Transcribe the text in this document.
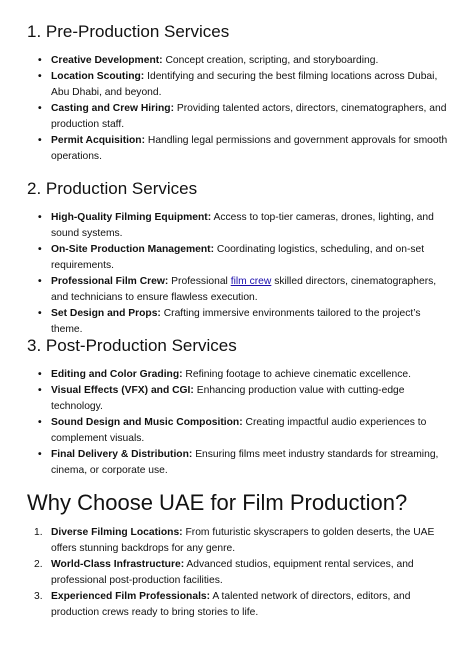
1. Pre-Production Services
• Creative Development: Concept creation, scripting, and storyboarding.
• Location Scouting: Identifying and securing the best filming locations across Dubai, Abu Dhabi, and beyond.
• Casting and Crew Hiring: Providing talented actors, directors, cinematographers, and production staff.
• Permit Acquisition: Handling legal permissions and government approvals for smooth operations.
2. Production Services
• High-Quality Filming Equipment: Access to top-tier cameras, drones, lighting, and sound systems.
• On-Site Production Management: Coordinating logistics, scheduling, and on-set requirements.
• Professional Film Crew: Professional film crew skilled directors, cinematographers, and technicians to ensure flawless execution.
• Set Design and Props: Crafting immersive environments tailored to the project’s theme.
3. Post-Production Services
• Editing and Color Grading: Refining footage to achieve cinematic excellence.
• Visual Effects (VFX) and CGI: Enhancing production value with cutting-edge technology.
• Sound Design and Music Composition: Creating impactful audio experiences to complement visuals.
• Final Delivery & Distribution: Ensuring films meet industry standards for streaming, cinema, or corporate use.
Why Choose UAE for Film Production?
1. Diverse Filming Locations: From futuristic skyscrapers to golden deserts, the UAE offers stunning backdrops for any genre.
2. World-Class Infrastructure: Advanced studios, equipment rental services, and professional post-production facilities.
3. Experienced Film Professionals: A talented network of directors, editors, and production crews ready to bring stories to life.
